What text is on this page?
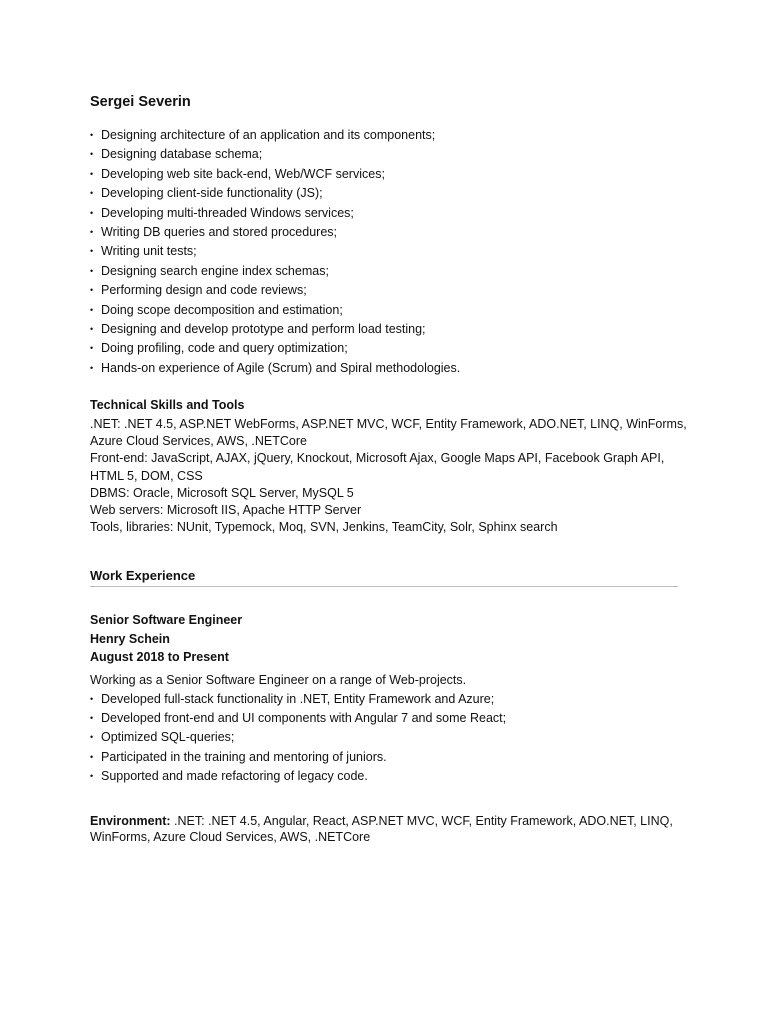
Sergei Severin
• Designing architecture of an application and its components;
• Designing database schema;
• Developing web site back-end, Web/WCF services;
• Developing client-side functionality (JS);
• Developing multi-threaded Windows services;
• Writing DB queries and stored procedures;
• Writing unit tests;
• Designing search engine index schemas;
• Performing design and code reviews;
• Doing scope decomposition and estimation;
• Designing and develop prototype and perform load testing;
• Doing profiling, code and query optimization;
• Hands-on experience of Agile (Scrum) and Spiral methodologies.
Technical Skills and Tools

.NET: .NET 4.5, ASP.NET WebForms, ASP.NET MVC, WCF, Entity Framework, ADO.NET, LINQ, WinForms, Azure Cloud Services, AWS, .NETCore

Front-end: JavaScript, AJAX, jQuery, Knockout, Microsoft Ajax, Google Maps API, Facebook Graph API, HTML 5, DOM, CSS

DBMS: Oracle, Microsoft SQL Server, MySQL 5

Web servers: Microsoft IIS, Apache HTTP Server

Tools, libraries: NUnit, Typemock, Moq, SVN, Jenkins, TeamCity, Solr, Sphinx search

Work Experience

Senior Software Engineer

Henry Schein

August 2018 to Present

Working as a Senior Software Engineer on a range of Web-projects.

• Developed full-stack functionality in .NET, Entity Framework and Azure;
• Developed front-end and UI components with Angular 7 and some React;
• Optimized SQL-queries;
• Participated in the training and mentoring of juniors.
• Supported and made refactoring of legacy code.

Environment: .NET: .NET 4.5, Angular, React, ASP.NET MVC, WCF, Entity Framework, ADO.NET, LINQ, WinForms, Azure Cloud Services, AWS, .NETCore
